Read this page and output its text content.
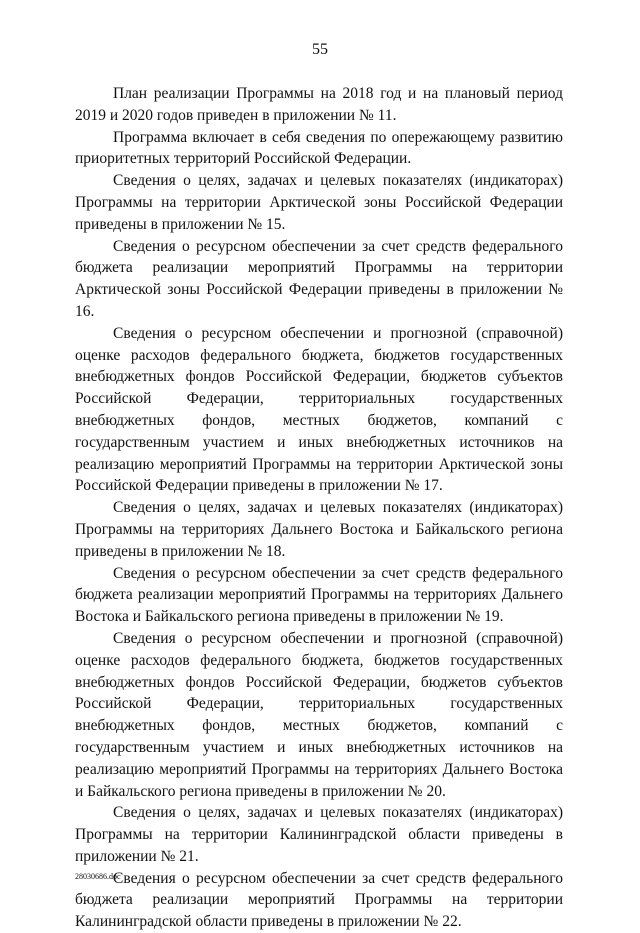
55

План реализации Программы на 2018 год и на плановый период 2019 и 2020 годов приведен в приложении № 11.

Программа включает в себя сведения по опережающему развитию приоритетных территорий Российской Федерации.

Сведения о целях, задачах и целевых показателях (индикаторах) Программы на территории Арктической зоны Российской Федерации приведены в приложении № 15.

Сведения о ресурсном обеспечении за счет средств федерального бюджета реализации мероприятий Программы на территории Арктической зоны Российской Федерации приведены в приложении № 16.

Сведения о ресурсном обеспечении и прогнозной (справочной) оценке расходов федерального бюджета, бюджетов государственных внебюджетных фондов Российской Федерации, бюджетов субъектов Российской Федерации, территориальных государственных внебюджетных фондов, местных бюджетов, компаний с государственным участием и иных внебюджетных источников на реализацию мероприятий Программы на территории Арктической зоны Российской Федерации приведены в приложении № 17.

Сведения о целях, задачах и целевых показателях (индикаторах) Программы на территориях Дальнего Востока и Байкальского региона приведены в приложении № 18.

Сведения о ресурсном обеспечении за счет средств федерального бюджета реализации мероприятий Программы на территориях Дальнего Востока и Байкальского региона приведены в приложении № 19.

Сведения о ресурсном обеспечении и прогнозной (справочной) оценке расходов федерального бюджета, бюджетов государственных внебюджетных фондов Российской Федерации, бюджетов субъектов Российской Федерации, территориальных государственных внебюджетных фондов, местных бюджетов, компаний с государственным участием и иных внебюджетных источников на реализацию мероприятий Программы на территориях Дальнего Востока и Байкальского региона приведены в приложении № 20.

Сведения о целях, задачах и целевых показателях (индикаторах) Программы на территории Калининградской области приведены в приложении № 21.

Сведения о ресурсном обеспечении за счет средств федерального бюджета реализации мероприятий Программы на территории Калининградской области приведены в приложении № 22.

28030686.doc
